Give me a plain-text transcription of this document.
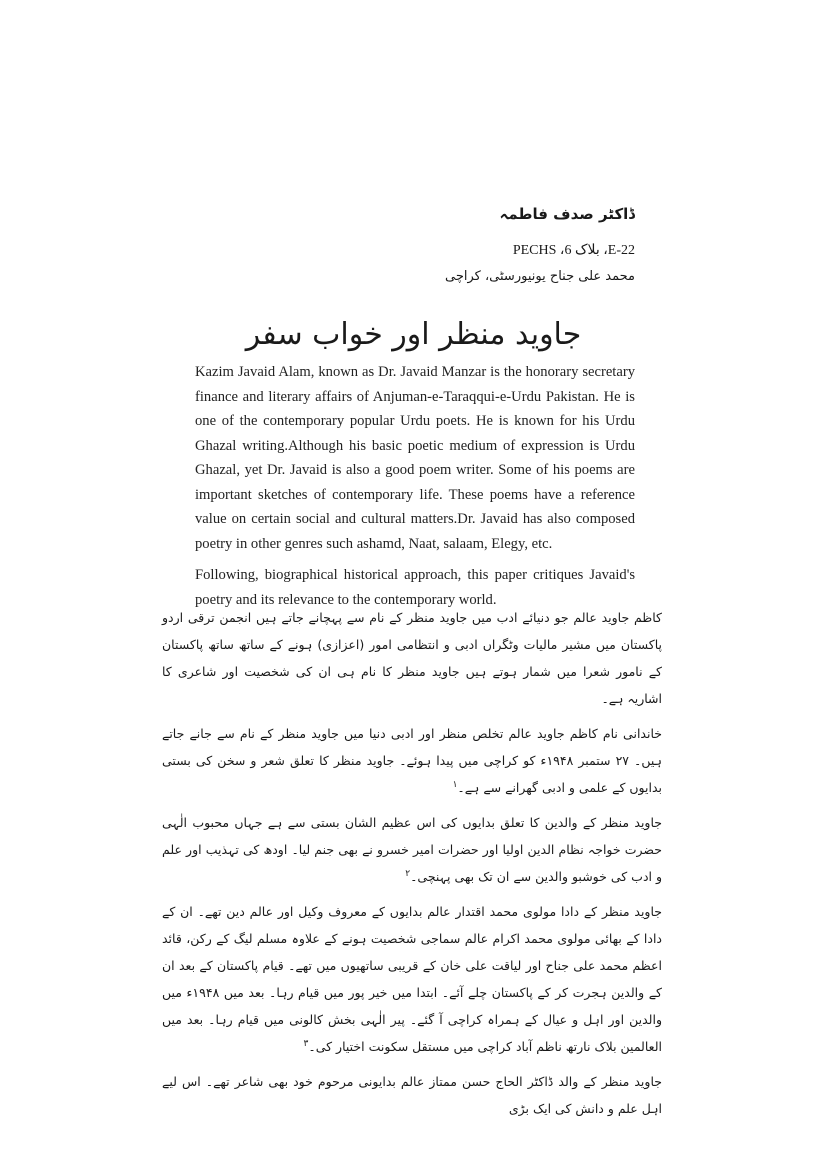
ڈاکٹر صدف فاطمہ
22-E، بلاک 6، PECHS
محمد علی جناح یونیورسٹی، کراچی
جاوید منظر اور خواب سفر

Kazim Javaid Alam, known as Dr. Javaid Manzar is the honorary secretary finance and literary affairs of Anjuman-e-Taraqqui-e-Urdu Pakistan. He is one of the contemporary popular Urdu poets. He is known for his Urdu Ghazal writing.Although his basic poetic medium of expression is Urdu Ghazal, yet Dr. Javaid is also a good poem writer. Some of his poems are important sketches of contemporary life. These poems have a reference value on certain social and cultural matters.Dr. Javaid has also composed poetry in other genres such ashamd, Naat, salaam, Elegy, etc.

Following, biographical historical approach, this paper critiques Javaid's poetry and its relevance to the contemporary world.

کاظم جاوید عالم جو دنیائے ادب میں جاوید منظر کے نام سے پہچانے جاتے ہیں انجمن ترقی اردو پاکستان میں مشیر مالیات وٹگراں ادبی و انتظامی امور (اعزازی) ہونے کے ساتھ ساتھ پاکستان کے نامور شعرا میں شمار ہوتے ہیں جاوید منظر کا نام ہی ان کی شخصیت اور شاعری کا اشاریہ ہے۔

خاندانی نام کاظم جاوید عالم تخلص منظر اور ادبی دنیا میں جاوید منظر کے نام سے جانے جاتے ہیں۔ ۲۷ ستمبر ۱۹۴۸ء کو کراچی میں پیدا ہوئے۔ جاوید منظر کا تعلق شعر و سخن کی بستی بدایوں کے علمی و ادبی گھرانے سے ہے۔$^۱$

جاوید منظر کے والدین کا تعلق بدایوں کی اس عظیم الشان بستی سے ہے جہاں محبوب الٰہی حضرت خواجہ نظام الدین اولیا اور حضرات امیر خسرو نے بھی جنم لیا۔ اودھ کی تہذیب اور علم و ادب کی خوشبو والدین سے ان تک بھی پہنچی۔$^۲$

جاوید منظر کے دادا مولوی محمد اقتدار عالم بدایوں کے معروف وکیل اور عالم دین تھے۔ ان کے دادا کے بھائی مولوی محمد اکرام عالم سماجی شخصیت ہونے کے علاوہ مسلم لیگ کے رکن، قائد اعظم محمد علی جناح اور لیاقت علی خان کے قریبی ساتھیوں میں تھے۔ قیام پاکستان کے بعد ان کے والدین ہجرت کر کے پاکستان چلے آئے۔ ابتدا میں خیر پور میں قیام رہا۔ بعد میں ۱۹۴۸ء میں والدین اور اہل و عیال کے ہمراہ کراچی آ گئے۔ پیر الٰہی بخش کالونی میں قیام رہا۔ بعد میں العالمین بلاک نارتھ ناظم آباد کراچی میں مستقل سکونت اختیار کی۔$^۳$

جاوید منظر کے والد ڈاکٹر الحاج حسن ممتاز عالم بدایونی مرحوم خود بھی شاعر تھے۔ اس لیے اہل علم و دانش کی ایک بڑی
